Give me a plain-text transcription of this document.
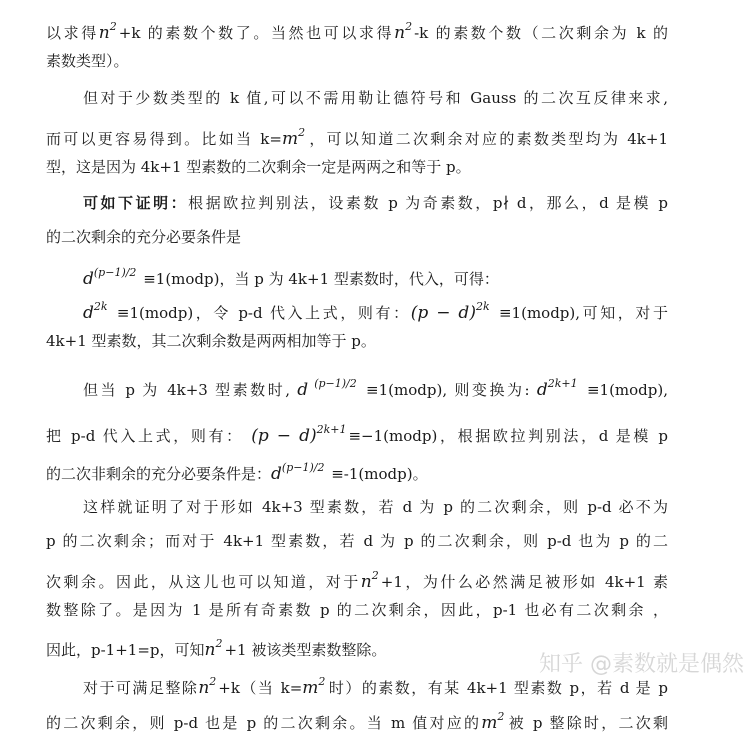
以求得$n^2 +k$ 的素数个数了。当然也可以求得$n^2$ -k 的素数个数（二次剩余为 k 的
素数类型）。
但对于少数类型的 k 值,可以不需用勒让德符号和 Gauss 的二次互反律来求,
而可以更容易得到。比如当 $k=m^2$ ，可以知道二次剩余对应的素数类型均为 4k+1
型，这是因为 4k+1 型素数的二次剩余一定是两两之和等于 p。
可如下证明：根据欧拉判别法，设素数 p 为奇素数，p∤ d，那么，d 是模 p
的二次剩余的充分必要条件是
$d^{(p-1)/2}$ ≡1(modp)，当 p 为 4k+1 型素数时，代入，可得：
$d^{2k}$ ≡1(modp)，令 p-d 代入上式，则有：$(p - d)^{2k}$ ≡1(modp),可知，对于
4k+1 型素数，其二次剩余数是两两相加等于 p。
但当 p 为 4k+3 型素数时, d $^{(p-1)/2}$ ≡1(modp), 则变换为: $d^{2k+1}$ ≡1(modp),
把 p-d 代入上式，则有： $(p - d)^{2k+1}$ ≡−1(modp)，根据欧拉判别法，d 是模 p
的二次非剩余的充分必要条件是：$d^{(p-1)/2}$ ≡-1(modp)。
这样就证明了对于形如 4k+3 型素数，若 d 为 p 的二次剩余，则 p-d 必不为
p 的二次剩余；而对于 4k+1 型素数，若 d 为 p 的二次剩余，则 p-d 也为 p 的二
次剩余。因此，从这儿也可以知道，对于$n^2 +1$，为什么必然满足被形如 4k+1 素
数整除了。是因为 1 是所有奇素数 p 的二次剩余，因此，p-1 也必有二次剩余 ，
因此，p-1+1=p，可知$n^2 +1$ 被该类型素数整除。
对于可满足整除$n^2 +k$（当 $k=m^2$ 时）的素数，有某 4k+1 型素数 p，若 d 是 p
的二次剩余，则 p-d 也是 p 的二次剩余。当 m 值对应的$m^2$ 被 p 整除时，二次剩
知乎 @素数就是偶然
